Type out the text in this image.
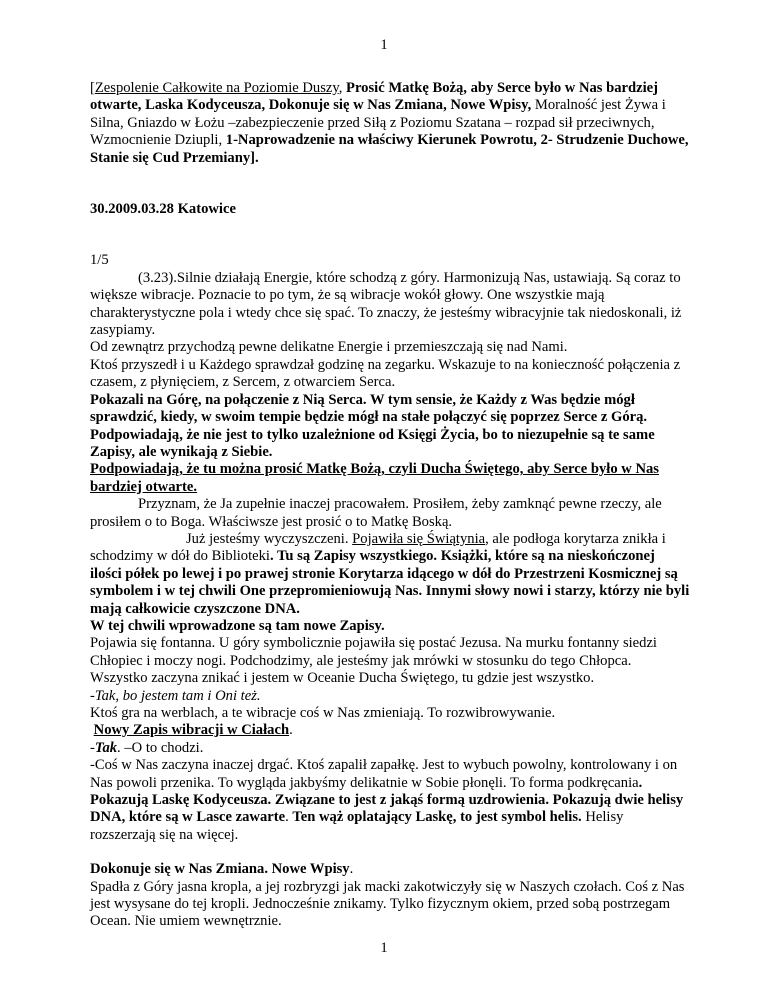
1

[Zespolenie Całkowite na Poziomie Duszy, Prosić Matkę Bożą, aby Serce było w Nas bardziej otwarte, Laska Kodyceusza, Dokonuje się w Nas Zmiana, Nowe Wpisy, Moralność jest Żywa i Silna, Gniazdo w Łożu –zabezpieczenie przed Siłą z Poziomu Szatana – rozpad sił przeciwnych, Wzmocnienie Dziupli, 1-Naprowadzenie na właściwy Kierunek Powrotu, 2- Strudzenie Duchowe, Stanie się Cud Przemiany].

30.2009.03.28 Katowice

1/5

(3.23).Silnie działają Energie, które schodzą z góry. Harmonizują Nas, ustawiają. Są coraz to większe wibracje. Poznacie to po tym, że są wibracje wokół głowy. One wszystkie mają charakterystyczne pola i wtedy chce się spać. To znaczy, że jesteśmy wibracyjnie tak niedoskonali, iż zasypiamy.

Od zewnątrz przychodzą pewne delikatne Energie i przemieszczają się nad Nami.

Ktoś przyszedł i u Każdego sprawdzał godzinę na zegarku. Wskazuje to na konieczność połączenia z czasem, z płynięciem, z Sercem, z otwarciem Serca.

Pokazali na Górę, na połączenie z Nią Serca. W tym sensie, że Każdy z Was będzie mógł sprawdzić, kiedy, w swoim tempie będzie mógł na stałe połączyć się poprzez Serce z Górą.

Podpowiadają, że nie jest to tylko uzależnione od Księgi Życia, bo to niezupełnie są te same Zapisy, ale wynikają z Siebie.

Podpowiadają, że tu można prosić Matkę Bożą, czyli Ducha Świętego, aby Serce było w Nas bardziej otwarte.

Przyznam, że Ja zupełnie inaczej pracowałem. Prosiłem, żeby zamknąć pewne rzeczy, ale prosiłem o to Boga. Właściwsze jest prosić o to Matkę Boską.

Już jesteśmy wyczyszczeni. Pojawiła się Świątynia, ale podłoga korytarza znikła i schodzimy w dół do Biblioteki. Tu są Zapisy wszystkiego. Książki, które są na nieskończonej ilości półek po lewej i po prawej stronie Korytarza idącego w dół do Przestrzeni Kosmicznej są symbolem i w tej chwili One przepromieniowują Nas. Innymi słowy nowi i starzy, którzy nie byli mają całkowicie czyszczone DNA.

W tej chwili wprowadzone są tam nowe Zapisy.

Pojawia się fontanna. U góry symbolicznie pojawiła się postać Jezusa. Na murku fontanny siedzi Chłopiec i moczy nogi. Podchodzimy, ale jesteśmy jak mrówki w stosunku do tego Chłopca. Wszystko zaczyna znikać i jestem w Oceanie Ducha Świętego, tu gdzie jest wszystko.

-Tak, bo jestem tam i Oni też.

Ktoś gra na werblach, a te wibracje coś w Nas zmieniają. To rozwibrowywanie.

Nowy Zapis wibracji w Ciałach.

-Tak. –O to chodzi.

-Coś w Nas zaczyna inaczej drgać. Ktoś zapalił zapałkę. Jest to wybuch powolny, kontrolowany i on Nas powoli przenika. To wygląda jakbyśmy delikatnie w Sobie płonęli. To forma podkręcania. Pokazują Laskę Kodyceusza. Związane to jest z jakąś formą uzdrowienia. Pokazują dwie helisy DNA, które są w Lasce zawarte. Ten wąż oplatający Laskę, to jest symbol helis. Helisy rozszerzają się na więcej.

Dokonuje się w Nas Zmiana. Nowe Wpisy.

Spadła z Góry jasna kropla, a jej rozbryzgi jak macki zakotwiczyły się w Naszych czołach. Coś z Nas jest wysysane do tej kropli. Jednocześnie znikamy. Tylko fizycznym okiem, przed sobą postrzegam Ocean. Nie umiem wewnętrznie.

1
